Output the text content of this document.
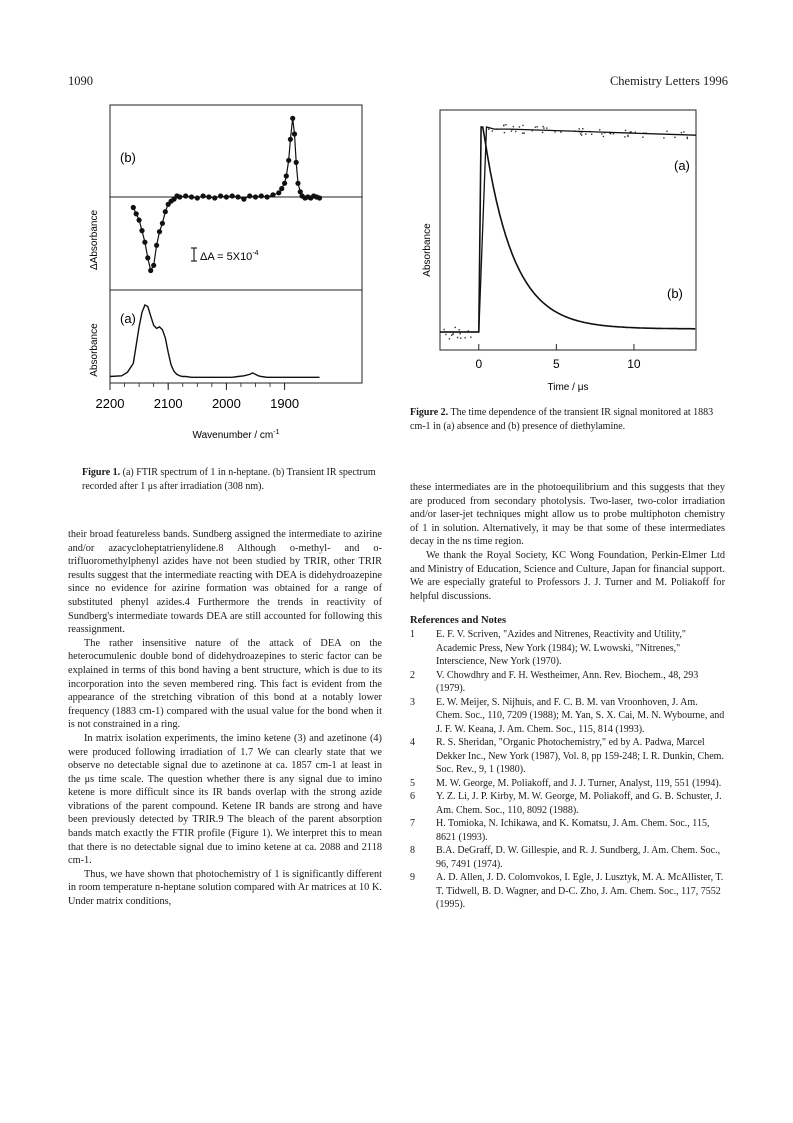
1090	Chemistry Letters 1996
(b)
(a)
ΔAbsorbance
Absorbance
$\Delta A = 5X10^{-4}$
2200 2100 2000 1900
Wavenumber / $cm^{-1}$
Figure 1. (a) FTIR spectrum of 1 in n-heptane. (b) Transient IR spectrum recorded after 1 μs after irradiation (308 nm).
Absorbance
(a)
(b)
0	5	10
Time / μs
Figure 2. The time dependence of the transient IR signal monitored at 1883 cm-1 in (a) absence and (b) presence of diethylamine.
their broad featureless bands. Sundberg assigned the intermediate to azirine and/or azacycloheptatrienylidene.8 Although o-methyl- and o-trifluoromethylphenyl azides have not been studied by TRIR, other TRIR results suggest that the intermediate reacting with DEA is didehydroazepine since no evidence for azirine formation was obtained for a range of substituted phenyl azides.4 Furthermore the trends in reactivity of Sundberg's intermediate towards DEA are still accounted for following this reassignment.
The rather insensitive nature of the attack of DEA on the heterocumulenic double bond of didehydroazepines to steric factor can be explained in terms of this bond having a bent structure, which is due to its incorporation into the seven membered ring. This fact is evident from the appearance of the stretching vibration of this bond at a notably lower frequency (1883 cm-1) compared with the usual value for the bond when it is not constrained in a ring.
In matrix isolation experiments, the imino ketene (3) and azetinone (4) were produced following irradiation of 1.7 We can clearly state that we observe no detectable signal due to azetinone at ca. 1857 cm-1 at least in the μs time scale. The question whether there is any signal due to imino ketene is more difficult since its IR bands overlap with the strong azide vibrations of the parent compound. Ketene IR bands are strong and have been previously detected by TRIR.9 The bleach of the parent absorption bands match exactly the FTIR profile (Figure 1). We interpret this to mean that there is no detectable signal due to imino ketene at ca. 2088 and 2118 cm-1.
Thus, we have shown that photochemistry of 1 is significantly different in room temperature n-heptane solution compared with Ar matrices at 10 K. Under matrix conditions,
these intermediates are in the photoequilibrium and this suggests that they are produced from secondary photolysis. Two-laser, two-color irradiation and/or laser-jet techniques might allow us to probe multiphoton chemistry of 1 in solution. Alternatively, it may be that some of these intermediates decay in the ns time region.
We thank the Royal Society, KC Wong Foundation, Perkin-Elmer Ltd and Ministry of Education, Science and Culture, Japan for financial support. We are especially grateful to Professors J. J. Turner and M. Poliakoff for helpful discussions.
References and Notes
1 E. F. V. Scriven, "Azides and Nitrenes, Reactivity and Utility," Academic Press, New York (1984); W. Lwowski, "Nitrenes," Interscience, New York (1970).
2 V. Chowdhry and F. H. Westheimer, Ann. Rev. Biochem., 48, 293 (1979).
3 E. W. Meijer, S. Nijhuis, and F. C. B. M. van Vroonhoven, J. Am. Chem. Soc., 110, 7209 (1988); M. Yan, S. X. Cai, M. N. Wybourne, and J. F. W. Keana, J. Am. Chem. Soc., 115, 814 (1993).
4 R. S. Sheridan, "Organic Photochemistry," ed by A. Padwa, Marcel Dekker Inc., New York (1987), Vol. 8, pp 159-248; I. R. Dunkin, Chem. Soc. Rev., 9, 1 (1980).
5 M. W. George, M. Poliakoff, and J. J. Turner, Analyst, 119, 551 (1994).
6 Y. Z. Li, J. P. Kirby, M. W. George, M. Poliakoff, and G. B. Schuster, J. Am. Chem. Soc., 110, 8092 (1988).
7 H. Tomioka, N. Ichikawa, and K. Komatsu, J. Am. Chem. Soc., 115, 8621 (1993).
8 B.A. DeGraff, D. W. Gillespie, and R. J. Sundberg, J. Am. Chem. Soc., 96, 7491 (1974).
9 A. D. Allen, J. D. Colomvokos, I. Egle, J. Lusztyk, M. A. McAllister, T. T. Tidwell, B. D. Wagner, and D-C. Zho, J. Am. Chem. Soc., 117, 7552 (1995).
